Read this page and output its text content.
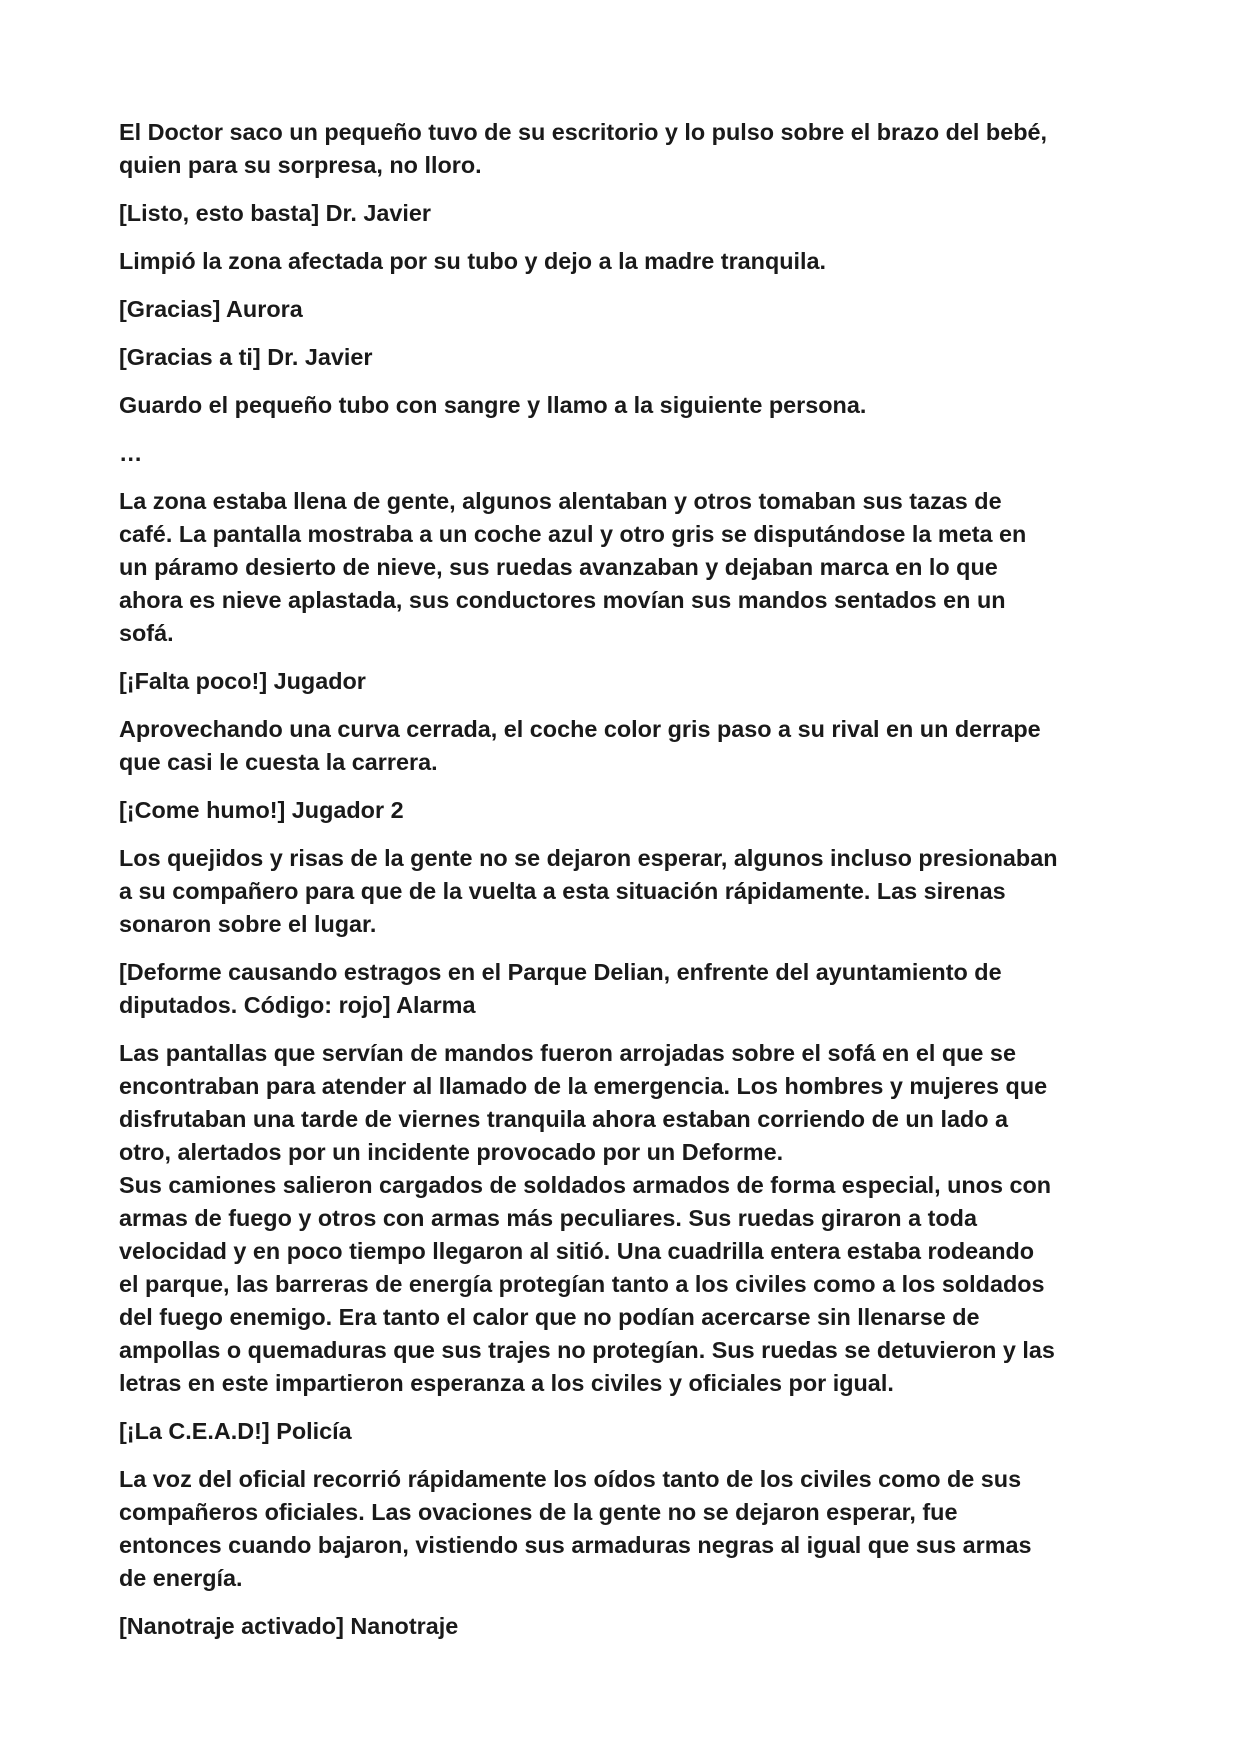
El Doctor saco un pequeño tuvo de su escritorio y lo pulso sobre el brazo del bebé,
quien para su sorpresa, no lloro.

[Listo, esto basta] Dr. Javier

Limpió la zona afectada por su tubo y dejo a la madre tranquila.

[Gracias] Aurora

[Gracias a ti] Dr. Javier

Guardo el pequeño tubo con sangre y llamo a la siguiente persona.

…

La zona estaba llena de gente, algunos alentaban y otros tomaban sus tazas de
café. La pantalla mostraba a un coche azul y otro gris se disputándose la meta en
un páramo desierto de nieve, sus ruedas avanzaban y dejaban marca en lo que
ahora es nieve aplastada, sus conductores movían sus mandos sentados en un
sofá.

[¡Falta poco!] Jugador

Aprovechando una curva cerrada, el coche color gris paso a su rival en un derrape
que casi le cuesta la carrera.

[¡Come humo!] Jugador 2

Los quejidos y risas de la gente no se dejaron esperar, algunos incluso presionaban
a su compañero para que de la vuelta a esta situación rápidamente. Las sirenas
sonaron sobre el lugar.

[Deforme causando estragos en el Parque Delian, enfrente del ayuntamiento de
diputados. Código: rojo] Alarma

Las pantallas que servían de mandos fueron arrojadas sobre el sofá en el que se
encontraban para atender al llamado de la emergencia. Los hombres y mujeres que
disfrutaban una tarde de viernes tranquila ahora estaban corriendo de un lado a
otro, alertados por un incidente provocado por un Deforme.

Sus camiones salieron cargados de soldados armados de forma especial, unos con
armas de fuego y otros con armas más peculiares. Sus ruedas giraron a toda
velocidad y en poco tiempo llegaron al sitió. Una cuadrilla entera estaba rodeando
el parque, las barreras de energía protegían tanto a los civiles como a los soldados
del fuego enemigo. Era tanto el calor que no podían acercarse sin llenarse de
ampollas o quemaduras que sus trajes no protegían. Sus ruedas se detuvieron y las
letras en este impartieron esperanza a los civiles y oficiales por igual.

[¡La C.E.A.D!] Policía

La voz del oficial recorrió rápidamente los oídos tanto de los civiles como de sus
compañeros oficiales. Las ovaciones de la gente no se dejaron esperar, fue
entonces cuando bajaron, vistiendo sus armaduras negras al igual que sus armas
de energía.

[Nanotraje activado] Nanotraje
